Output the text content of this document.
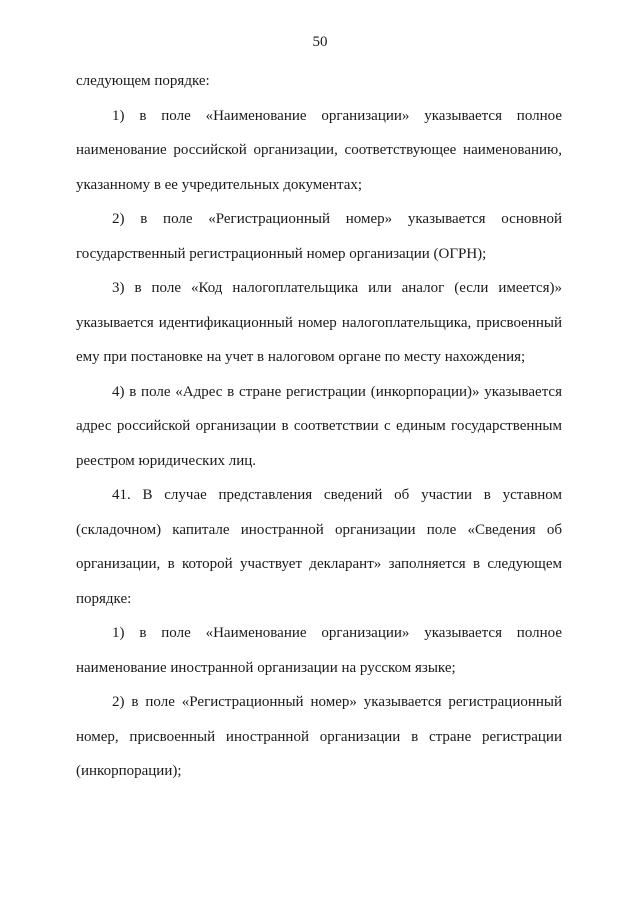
50

следующем порядке:

1) в поле «Наименование организации» указывается полное
наименование российской организации, соответствующее наименованию,
указанному в ее учредительных документах;

2) в поле «Регистрационный номер» указывается основной
государственный регистрационный номер организации (ОГРН);

3) в поле «Код налогоплательщика или аналог (если имеется)»
указывается идентификационный номер налогоплательщика, присвоенный
ему при постановке на учет в налоговом органе по месту нахождения;

4) в поле «Адрес в стране регистрации (инкорпорации)» указывается
адрес российской организации в соответствии с единым государственным
реестром юридических лиц.

41. В случае представления сведений об участии в уставном
(складочном) капитале иностранной организации поле «Сведения об
организации, в которой участвует декларант» заполняется в следующем
порядке:

1) в поле «Наименование организации» указывается полное
наименование иностранной организации на русском языке;

2) в поле «Регистрационный номер» указывается регистрационный
номер, присвоенный иностранной организации в стране регистрации
(инкорпорации);
